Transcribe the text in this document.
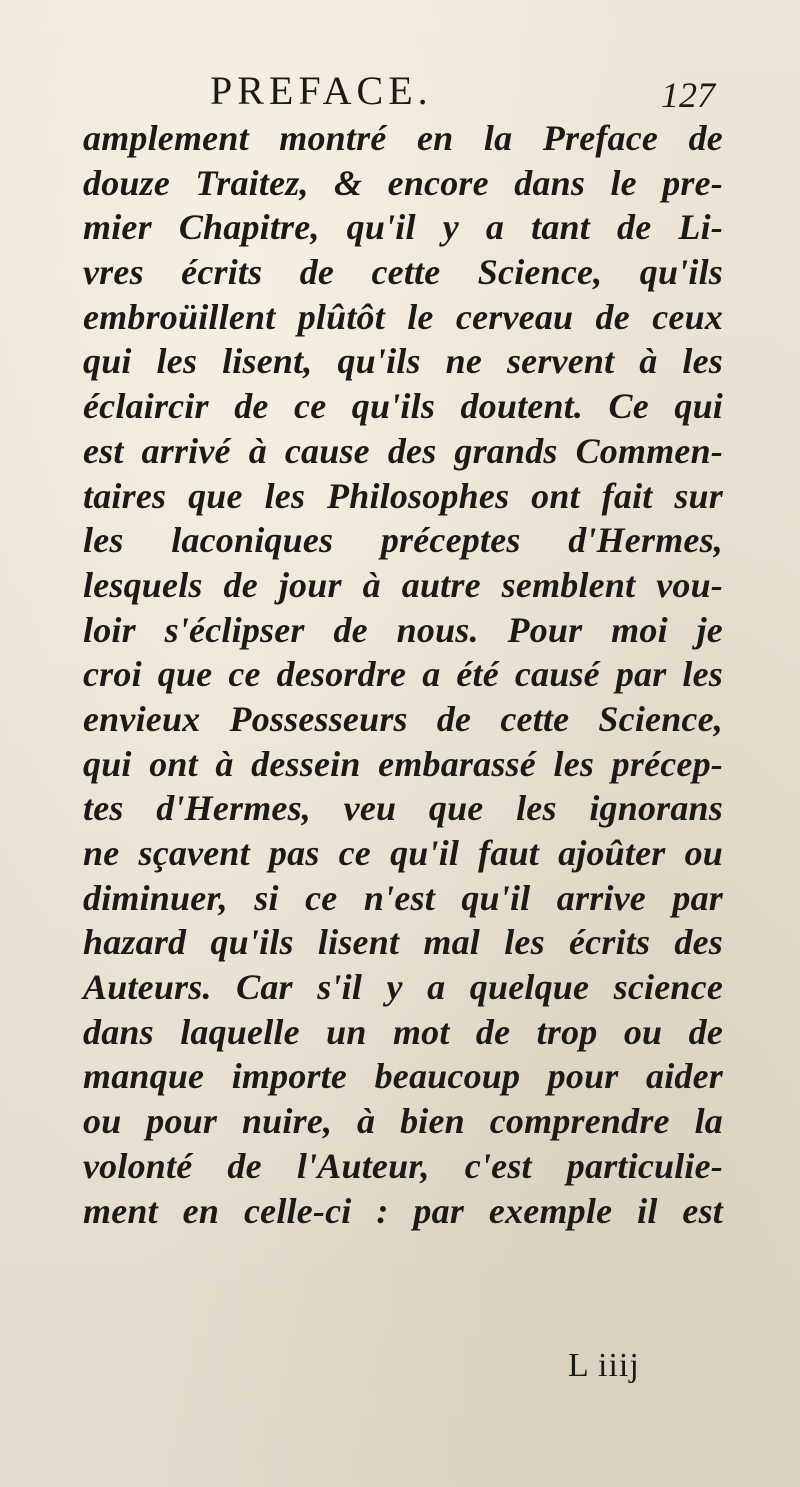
PREFACE.	127
amplement montré en la Preface de
douze Traitez, & encore dans le pre-
mier Chapitre, qu'il y a tant de Li-
vres écrits de cette Science, qu'ils
embroüillent plûtôt le cerveau de ceux
qui les lisent, qu'ils ne servent à les
éclaircir de ce qu'ils doutent. Ce qui
est arrivé à cause des grands Commen-
taires que les Philosophes ont fait sur
les laconiques préceptes d'Hermes,
lesquels de jour à autre semblent vou-
loir s'éclipser de nous. Pour moi je
croi que ce desordre a été causé par les
envieux Possesseurs de cette Science,
qui ont à dessein embarassé les précep-
tes d'Hermes, veu que les ignorans
ne sçavent pas ce qu'il faut ajoûter ou
diminuer, si ce n'est qu'il arrive par
hazard qu'ils lisent mal les écrits des
Auteurs. Car s'il y a quelque science
dans laquelle un mot de trop ou de
manque importe beaucoup pour aider
ou pour nuire, à bien comprendre la
volonté de l'Auteur, c'est particulie-
ment en celle-ci : par exemple il est
L iiij
